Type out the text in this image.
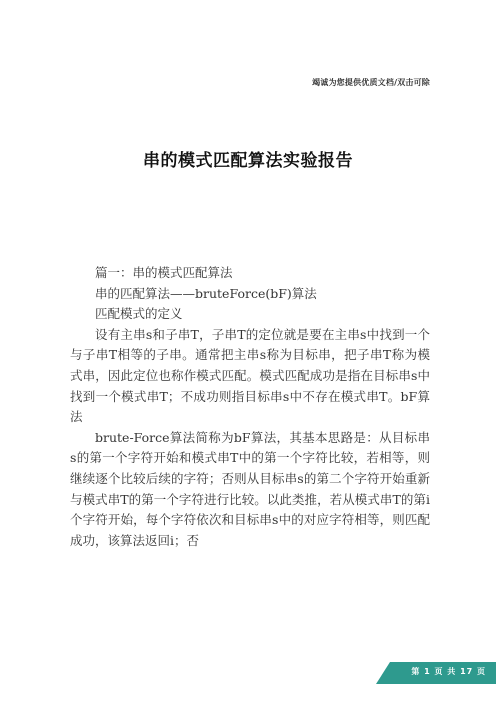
竭诚为您提供优质文档/双击可除
串的模式匹配算法实验报告

篇一：串的模式匹配算法

串的匹配算法——bruteForce(bF)算法

匹配模式的定义

设有主串s和子串T，子串T的定位就是要在主串s中找到一个与子串T相等的子串。通常把主串s称为目标串，把子串T称为模式串，因此定位也称作模式匹配。模式匹配成功是指在目标串s中找到一个模式串T；不成功则指目标串s中不存在模式串T。bF算法

brute-Force算法简称为bF算法，其基本思路是：从目标串s的第一个字符开始和模式串T中的第一个字符比较，若相等，则继续逐个比较后续的字符；否则从目标串s的第二个字符开始重新与模式串T的第一个字符进行比较。以此类推，若从模式串T的第i个字符开始，每个字符依次和目标串s中的对应字符相等，则匹配成功，该算法返回i；否

第 1 页 共 17 页
